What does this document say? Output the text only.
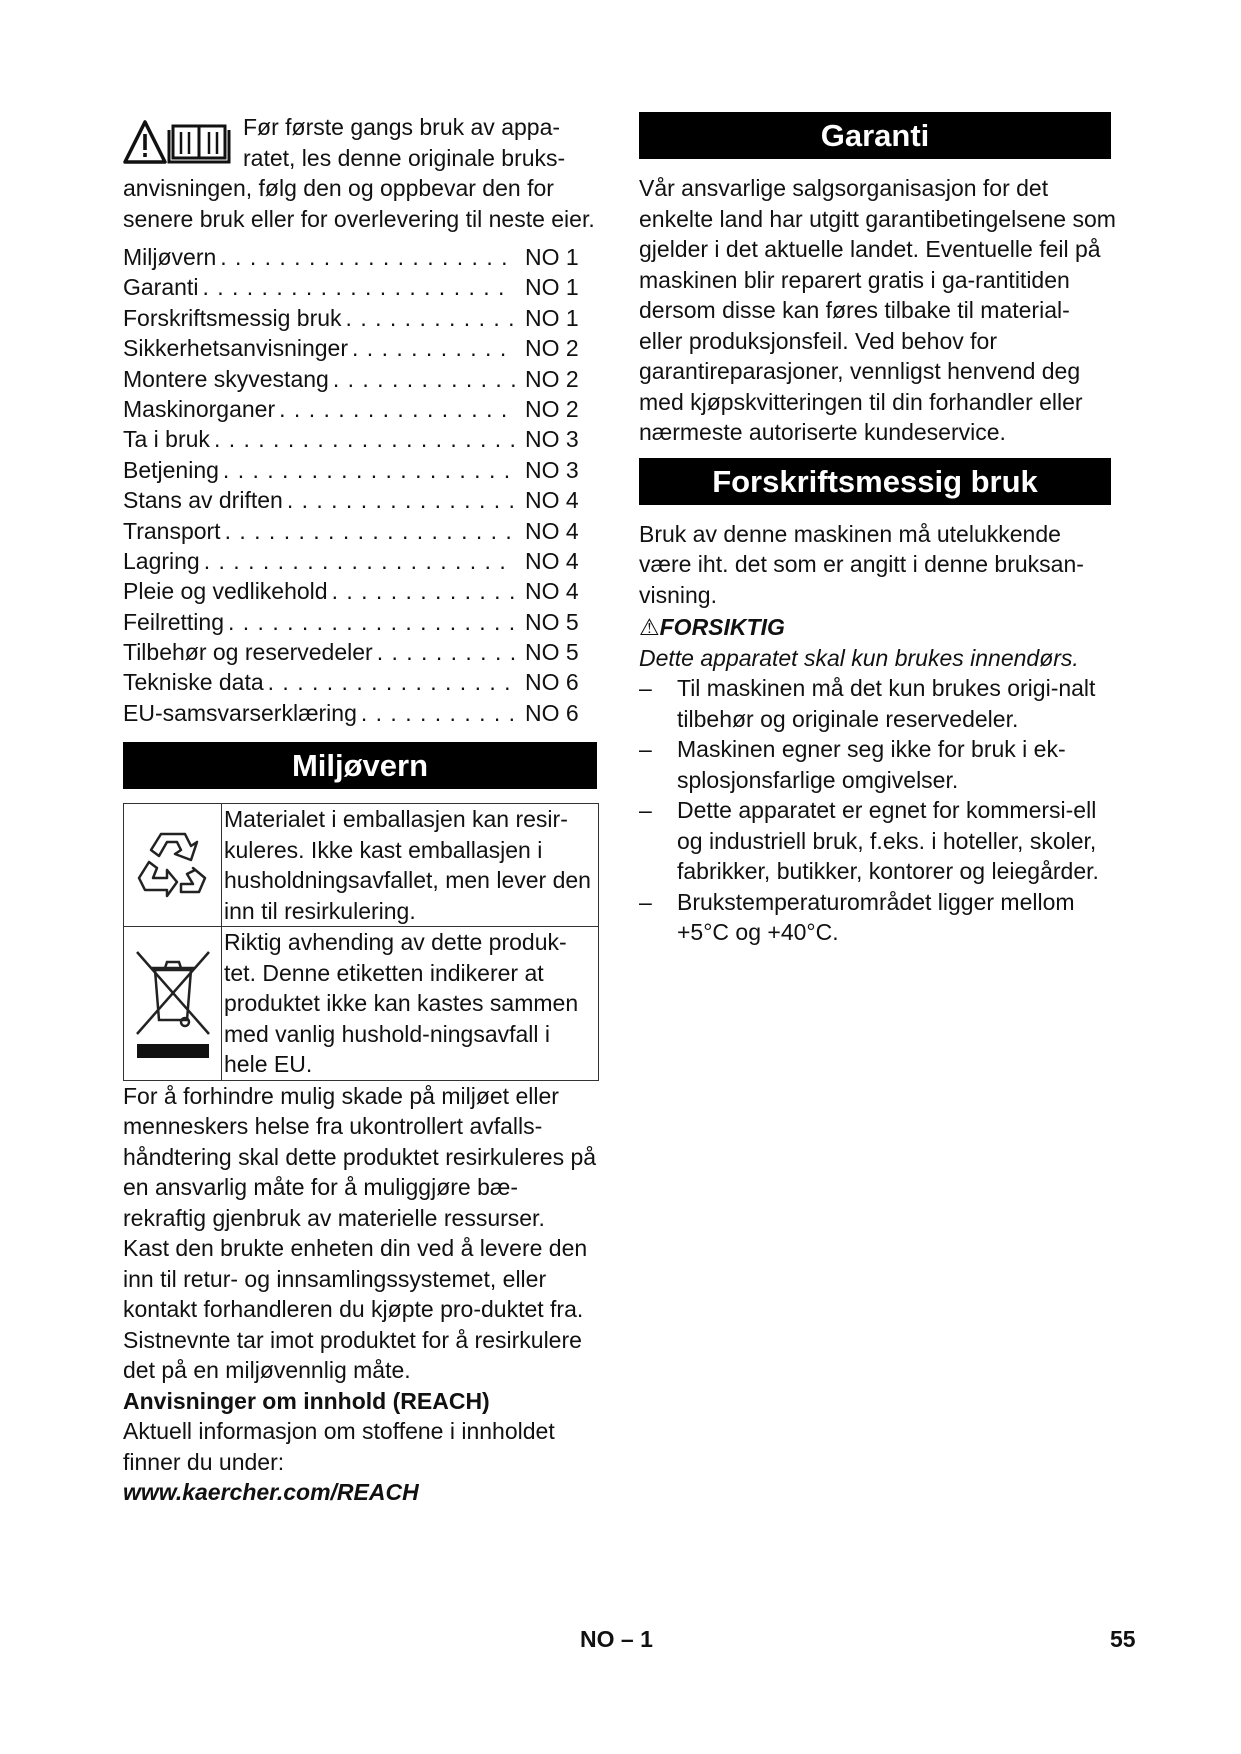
Før første gangs bruk av appa-

ratet, les denne originale bruks-

anvisningen, følg den og oppbevar den for senere bruk eller for overlevering til neste eier.

Miljøvern . . .	NO 1
Garanti . . .	NO 1
Forskriftsmessig bruk . . .	NO 1
Sikkerhetsanvisninger . . .	NO 2
Montere skyvestang . . .	NO 2
Maskinorganer . . .	NO 2
Ta i bruk . . .	NO 3
Betjening . . .	NO 3
Stans av driften . . .	NO 4
Transport . . .	NO 4
Lagring . . .	NO 4
Pleie og vedlikehold . . .	NO 4
Feilretting . . .	NO 5
Tilbehør og reservedeler . . .	NO 5
Tekniske data . . .	NO 6
EU-samsvarserklæring . . .	NO 6
Miljøvern
	Materialet i emballasjen kan resir-kuleres. Ikke kast emballasjen i husholdningsavfallet, men lever den inn til resirkulering.
	Riktig avhending av dette produk-tet. Denne etiketten indikerer at produktet ikke kan kastes sammen med vanlig hushold-ningsavfall i hele EU.

For å forhindre mulig skade på miljøet eller menneskers helse fra ukontrollert avfalls-håndtering skal dette produktet resirkuleres på en ansvarlig måte for å muliggjøre bæ-rekraftig gjenbruk av materielle ressurser. Kast den brukte enheten din ved å levere den inn til retur- og innsamlingssystemet, eller kontakt forhandleren du kjøpte pro-duktet fra. Sistnevnte tar imot produktet for å resirkulere det på en miljøvennlig måte.

Anvisninger om innhold (REACH)

Aktuell informasjon om stoffene i innholdet finner du under:

www.kaercher.com/REACH

Garanti

Vår ansvarlige salgsorganisasjon for det enkelte land har utgitt garantibetingelsene som gjelder i det aktuelle landet. Eventuelle feil på maskinen blir reparert gratis i ga-rantitiden dersom disse kan føres tilbake til material- eller produksjonsfeil. Ved behov for garantireparasjoner, vennligst henvend deg med kjøpskvitteringen til din forhandler eller nærmeste autoriserte kundeservice.

Forskriftsmessig bruk

Bruk av denne maskinen må utelukkende være iht. det som er angitt i denne bruksan-visning.

⚠FORSIKTIG

Dette apparatet skal kun brukes innendørs.

– Til maskinen må det kun brukes origi-nalt tilbehør og originale reservedeler.
– Maskinen egner seg ikke for bruk i ek-splosjonsfarlige omgivelser.
– Dette apparatet er egnet for kommersi-ell og industriell bruk, f.eks. i hoteller, skoler, fabrikker, butikker, kontorer og leiegårder.
– Brukstemperaturområdet ligger mellom +5°C og +40°C.
NO – 1	55
